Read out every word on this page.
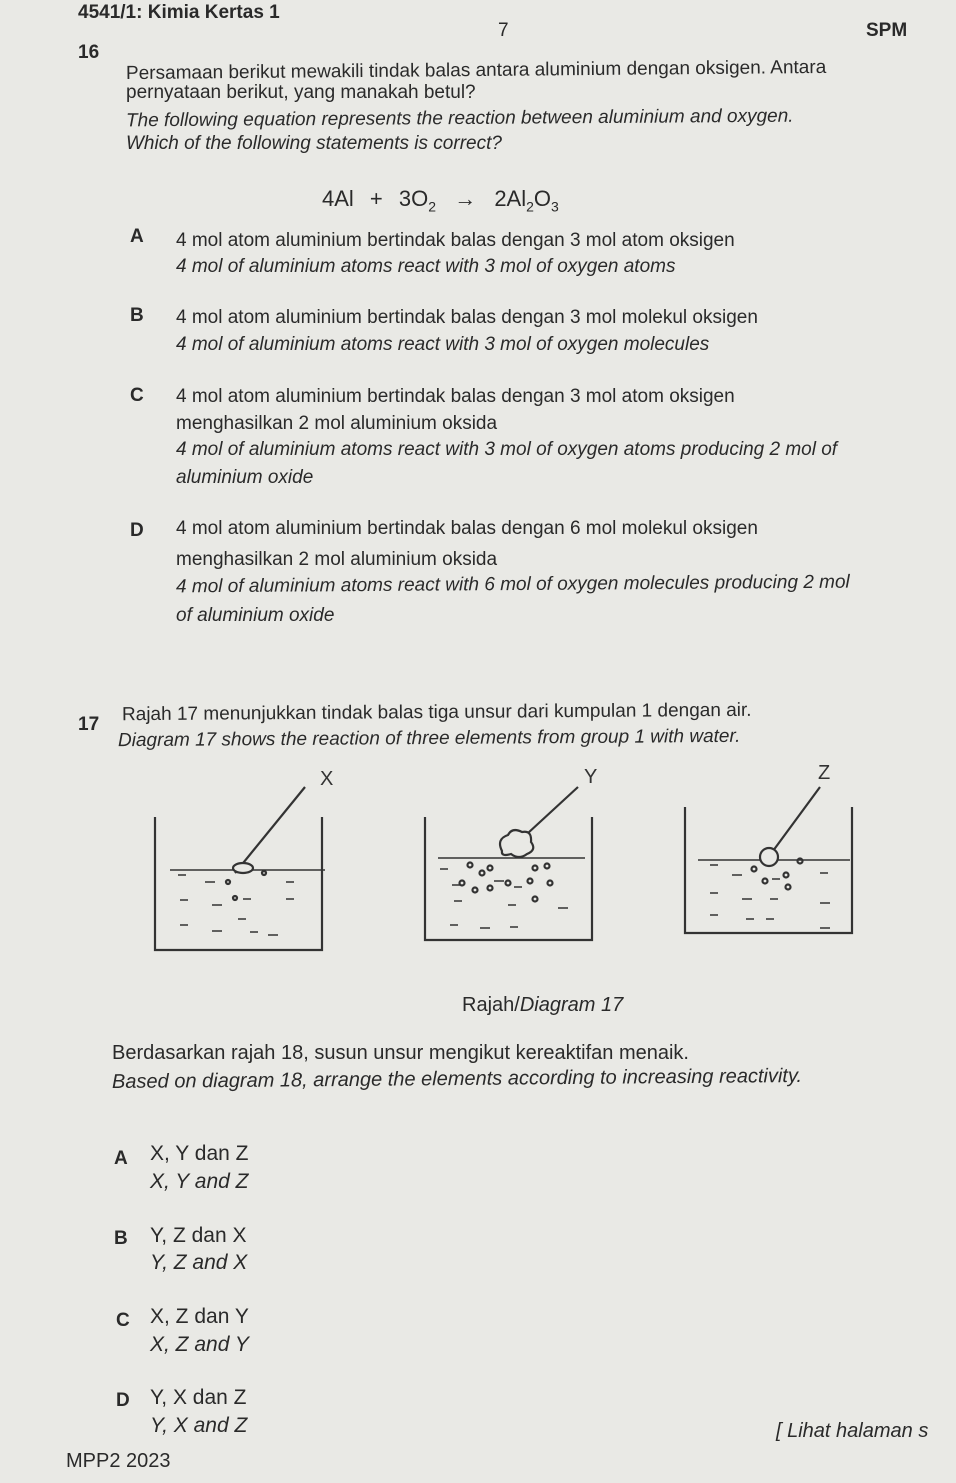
4541/1: Kimia Kertas 1
7	SPM
16
Persamaan berikut mewakili tindak balas antara aluminium dengan oksigen. Antara
pernyataan berikut, yang manakah betul?
The following equation represents the reaction between aluminium and oxygen.
Which of the following statements is correct?
$4Al + 3O_2 \to 2Al_2O_3$
A 4 mol atom aluminium bertindak balas dengan 3 mol atom oksigen
4 mol of aluminium atoms react with 3 mol of oxygen atoms
B 4 mol atom aluminium bertindak balas dengan 3 mol molekul oksigen
4 mol of aluminium atoms react with 3 mol of oxygen molecules
C 4 mol atom aluminium bertindak balas dengan 3 mol atom oksigen
menghasilkan 2 mol aluminium oksida
4 mol of aluminium atoms react with 3 mol of oxygen atoms producing 2 mol of
aluminium oxide
D 4 mol atom aluminium bertindak balas dengan 6 mol molekul oksigen
menghasilkan 2 mol aluminium oksida
4 mol of aluminium atoms react with 6 mol of oxygen molecules producing 2 mol
of aluminium oxide
17 Rajah 17 menunjukkan tindak balas tiga unsur dari kumpulan 1 dengan air.
Diagram 17 shows the reaction of three elements from group 1 with water.
X	Y	Z
Rajah/Diagram 17
Berdasarkan rajah 18, susun unsur mengikut kereaktifan menaik.
Based on diagram 18, arrange the elements according to increasing reactivity.
A X, Y dan Z
X, Y and Z
B Y, Z dan X
Y, Z and X
C X, Z dan Y
X, Z and Y
D Y, X dan Z
Y, X and Z
MPP2 2023
[ Lihat halaman s
